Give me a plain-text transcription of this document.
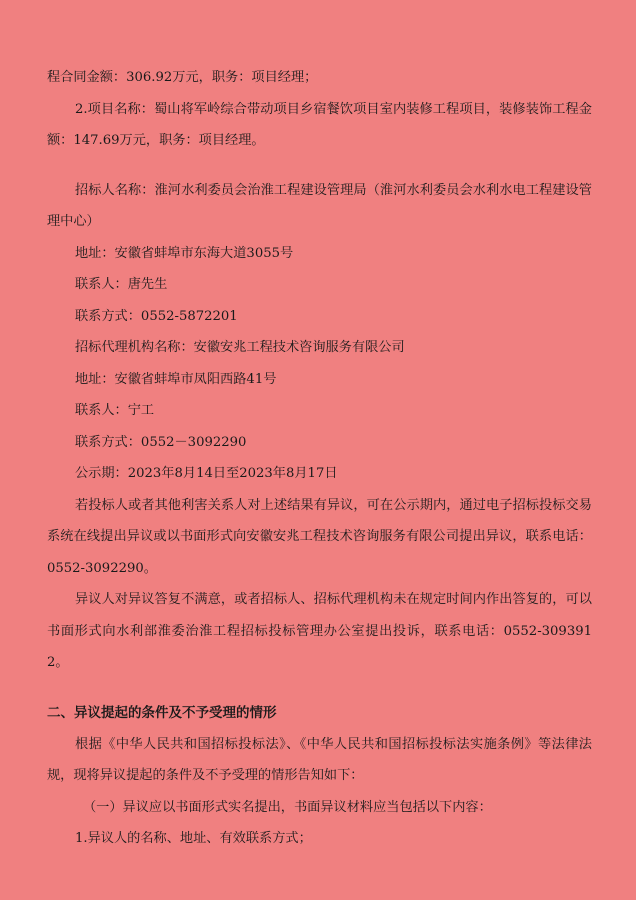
程合同金额：306.92万元，职务：项目经理；

2.项目名称：蜀山将军岭综合带动项目乡宿餐饮项目室内装修工程项目，装修装饰工程金额：147.69万元，职务：项目经理。

招标人名称：淮河水利委员会治淮工程建设管理局（淮河水利委员会水利水电工程建设管理中心）

地址：安徽省蚌埠市东海大道3055号

联系人：唐先生

联系方式：0552-5872201

招标代理机构名称：安徽安兆工程技术咨询服务有限公司

地址：安徽省蚌埠市凤阳西路41号

联系人：宁工

联系方式：0552－3092290

公示期：2023年8月14日至2023年8月17日

若投标人或者其他利害关系人对上述结果有异议，可在公示期内，通过电子招标投标交易系统在线提出异议或以书面形式向安徽安兆工程技术咨询服务有限公司提出异议，联系电话：0552-3092290。

异议人对异议答复不满意，或者招标人、招标代理机构未在规定时间内作出答复的，可以书面形式向水利部淮委治淮工程招标投标管理办公室提出投诉，联系电话：0552-3093912。

二、异议提起的条件及不予受理的情形

根据《中华人民共和国招标投标法》、《中华人民共和国招标投标法实施条例》等法律法规，现将异议提起的条件及不予受理的情形告知如下：

（一）异议应以书面形式实名提出，书面异议材料应当包括以下内容：

1.异议人的名称、地址、有效联系方式；
